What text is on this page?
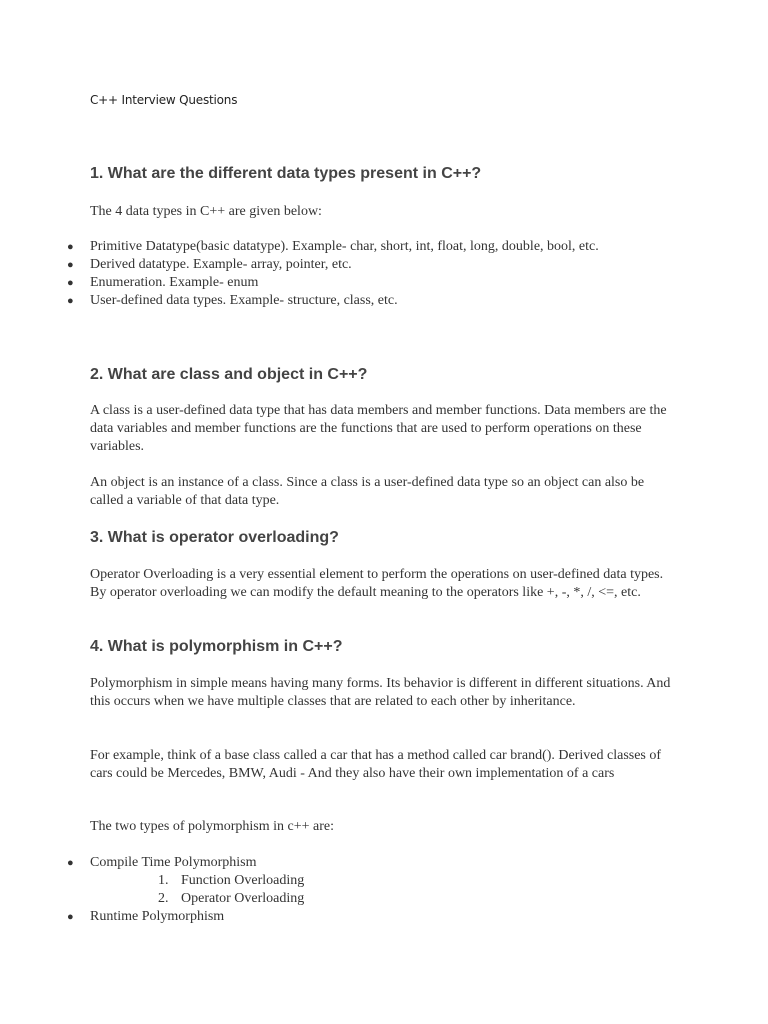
C++ Interview Questions
1. What are the different data types present in C++?
The 4 data types in C++ are given below:
● Primitive Datatype(basic datatype). Example- char, short, int, float, long, double, bool, etc.
● Derived datatype. Example- array, pointer, etc.
● Enumeration. Example- enum
● User-defined data types. Example- structure, class, etc.
2. What are class and object in C++?
A class is a user-defined data type that has data members and member functions. Data members are the data variables and member functions are the functions that are used to perform operations on these variables.
An object is an instance of a class. Since a class is a user-defined data type so an object can also be called a variable of that data type.
3. What is operator overloading?
Operator Overloading is a very essential element to perform the operations on user-defined data types. By operator overloading we can modify the default meaning to the operators like +, -, *, /, <=, etc.
4. What is polymorphism in C++?
Polymorphism in simple means having many forms. Its behavior is different in different situations. And this occurs when we have multiple classes that are related to each other by inheritance.
For example, think of a base class called a car that has a method called car brand(). Derived classes of cars could be Mercedes, BMW, Audi - And they also have their own implementation of a cars
The two types of polymorphism in c++ are:
● Compile Time Polymorphism
1. Function Overloading
2. Operator Overloading
● Runtime Polymorphism
